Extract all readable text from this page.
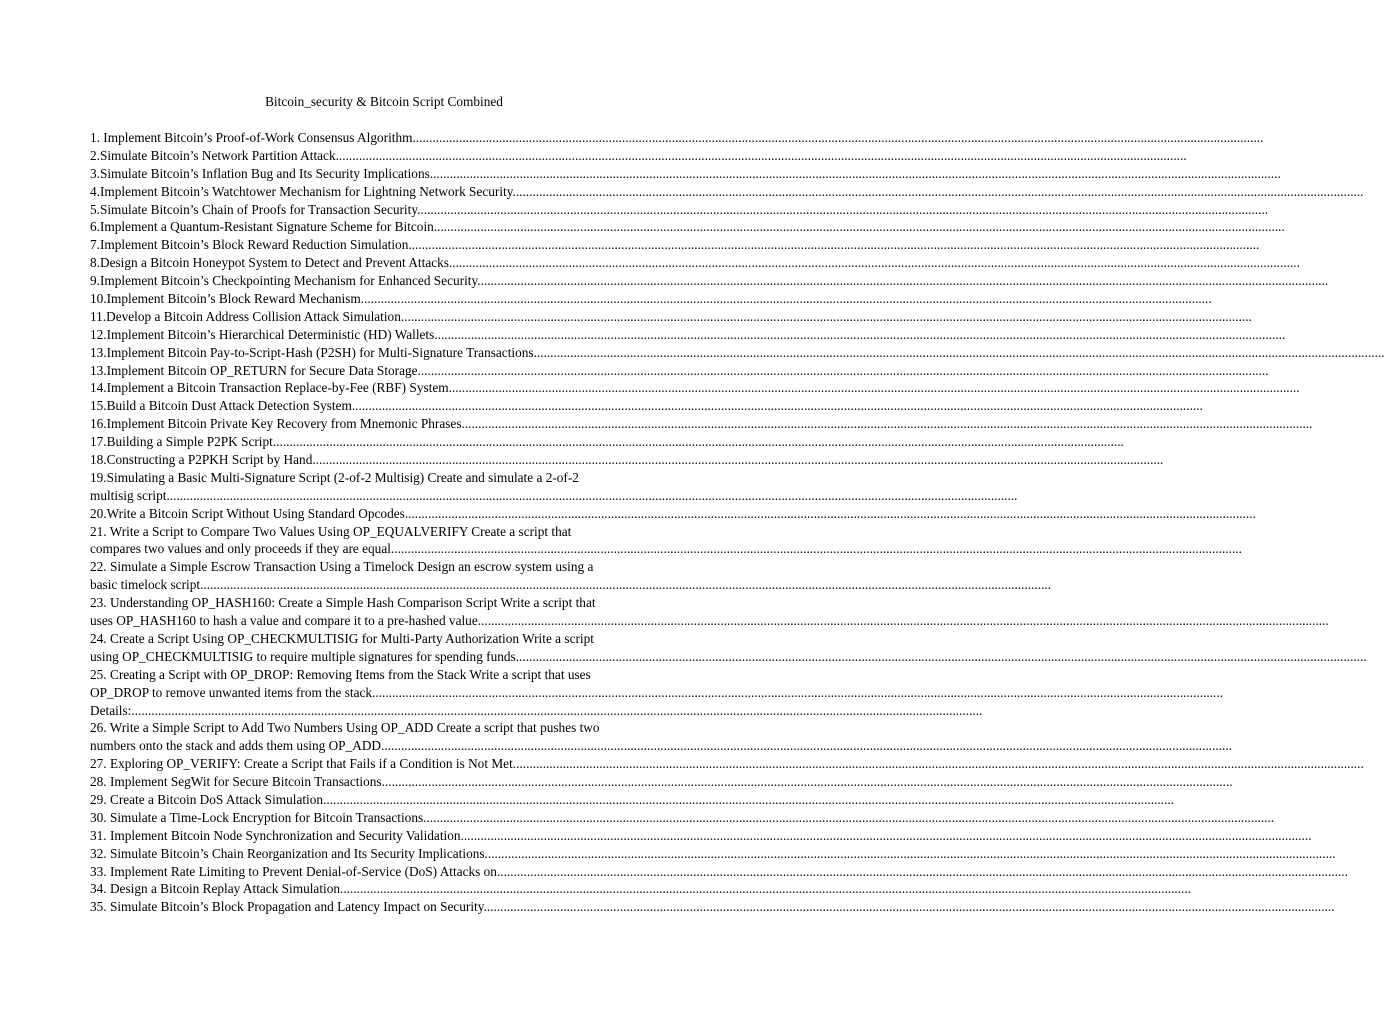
Bitcoin_security & Bitcoin Script Combined
1. Implement Bitcoin’s Proof-of-Work Consensus Algorithm................................................................................................................................................................................................................................................................
2.Simulate Bitcoin’s Network Partition Attack................................................................................................................................................................................................................................................................
3.Simulate Bitcoin’s Inflation Bug and Its Security Implications................................................................................................................................................................................................................................................................
4.Implement Bitcoin’s Watchtower Mechanism for Lightning Network Security................................................................................................................................................................................................................................................................
5.Simulate Bitcoin’s Chain of Proofs for Transaction Security................................................................................................................................................................................................................................................................
6.Implement a Quantum-Resistant Signature Scheme for Bitcoin................................................................................................................................................................................................................................................................
7.Implement Bitcoin’s Block Reward Reduction Simulation................................................................................................................................................................................................................................................................
8.Design a Bitcoin Honeypot System to Detect and Prevent Attacks................................................................................................................................................................................................................................................................
9.Implement Bitcoin’s Checkpointing Mechanism for Enhanced Security................................................................................................................................................................................................................................................................
10.Implement Bitcoin’s Block Reward Mechanism................................................................................................................................................................................................................................................................
11.Develop a Bitcoin Address Collision Attack Simulation................................................................................................................................................................................................................................................................
12.Implement Bitcoin’s Hierarchical Deterministic (HD) Wallets................................................................................................................................................................................................................................................................
13.Implement Bitcoin Pay-to-Script-Hash (P2SH) for Multi-Signature Transactions................................................................................................................................................................................................................................................................
13.Implement Bitcoin OP_RETURN for Secure Data Storage................................................................................................................................................................................................................................................................
14.Implement a Bitcoin Transaction Replace-by-Fee (RBF) System................................................................................................................................................................................................................................................................
15.Build a Bitcoin Dust Attack Detection System................................................................................................................................................................................................................................................................
16.Implement Bitcoin Private Key Recovery from Mnemonic Phrases................................................................................................................................................................................................................................................................
17.Building a Simple P2PK Script................................................................................................................................................................................................................................................................
18.Constructing a P2PKH Script by Hand................................................................................................................................................................................................................................................................
19.Simulating a Basic Multi-Signature Script (2-of-2 Multisig) Create and simulate a 2-of-2
multisig script................................................................................................................................................................................................................................................................
20.Write a Bitcoin Script Without Using Standard Opcodes................................................................................................................................................................................................................................................................
21. Write a Script to Compare Two Values Using OP_EQUALVERIFY Create a script that
compares two values and only proceeds if they are equal................................................................................................................................................................................................................................................................
22. Simulate a Simple Escrow Transaction Using a Timelock Design an escrow system using a
basic timelock script................................................................................................................................................................................................................................................................
23. Understanding OP_HASH160: Create a Simple Hash Comparison Script Write a script that
uses OP_HASH160 to hash a value and compare it to a pre-hashed value................................................................................................................................................................................................................................................................
24. Create a Script Using OP_CHECKMULTISIG for Multi-Party Authorization Write a script
using OP_CHECKMULTISIG to require multiple signatures for spending funds................................................................................................................................................................................................................................................................
25. Creating a Script with OP_DROP: Removing Items from the Stack Write a script that uses
OP_DROP to remove unwanted items from the stack................................................................................................................................................................................................................................................................
Details:................................................................................................................................................................................................................................................................
26. Write a Simple Script to Add Two Numbers Using OP_ADD Create a script that pushes two
numbers onto the stack and adds them using OP_ADD................................................................................................................................................................................................................................................................
27. Exploring OP_VERIFY: Create a Script that Fails if a Condition is Not Met................................................................................................................................................................................................................................................................
28. Implement SegWit for Secure Bitcoin Transactions................................................................................................................................................................................................................................................................
29. Create a Bitcoin DoS Attack Simulation................................................................................................................................................................................................................................................................
30. Simulate a Time-Lock Encryption for Bitcoin Transactions................................................................................................................................................................................................................................................................
31. Implement Bitcoin Node Synchronization and Security Validation................................................................................................................................................................................................................................................................
32. Simulate Bitcoin’s Chain Reorganization and Its Security Implications................................................................................................................................................................................................................................................................
33. Implement Rate Limiting to Prevent Denial-of-Service (DoS) Attacks on................................................................................................................................................................................................................................................................
34. Design a Bitcoin Replay Attack Simulation................................................................................................................................................................................................................................................................
35. Simulate Bitcoin’s Block Propagation and Latency Impact on Security................................................................................................................................................................................................................................................................
